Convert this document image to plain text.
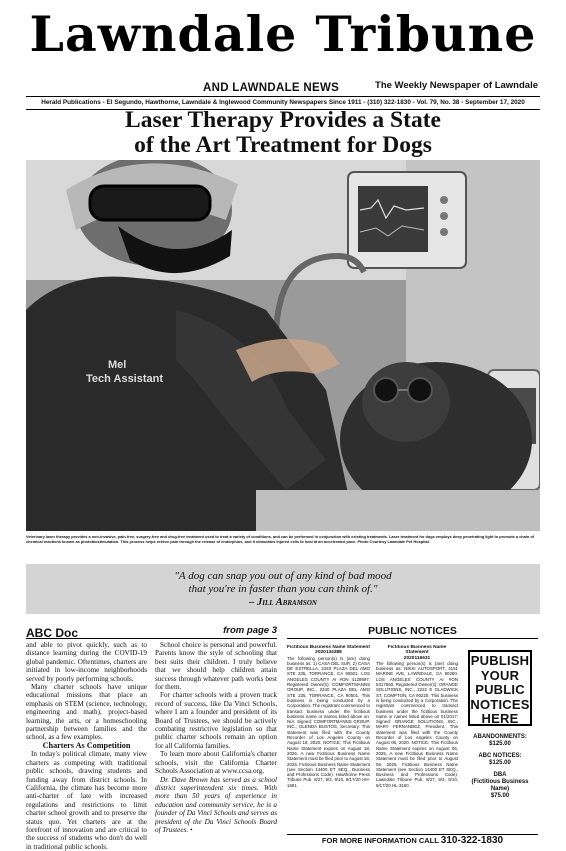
Lawndale Tribune
AND LAWNDALE NEWS	The Weekly Newspaper of Lawndale
Herald Publications - El Segundo, Hawthorne, Lawndale & Inglewood Community Newspapers Since 1911 - (310) 322-1830 - Vol. 79, No. 38 - September 17, 2020
Laser Therapy Provides a State
of the Art Treatment for Dogs
Mel
Tech Assistant
Veterinary laser therapy provides a non-invasive, pain-free, surgery-free and drug-free treatment used to treat a variety of conditions, and can be performed in conjunction with existing treatments. Laser treatment for dogs employs deep penetrating light to promote a chain of chemical reactions known as photobiostimulation. This process helps relieve pain through the release of endorphins, and it stimulates injured cells to heal at an accelerated pace. Photo Courtesy Lawndale Pet Hospital.
"A dog can snap you out of any kind of bad mood
that you're in faster than you can think of."
– Jill Abramson
ABC Doc	from page 3	PUBLIC NOTICES

and able to pivot quickly, such as to distance learning during the COVID-19 global pandemic. Oftentimes, charters are initiated in low-income neighborhoods served by poorly performing schools.

Many charter schools have unique educational missions that place an emphasis on STEM (science, technology, engineering and math), project-based learning, the arts, or a homeschooling partnership between families and the school, as a few examples.

Charters As Competition

In today's political climate, many view charters as competing with traditional public schools, drawing students and funding away from district schools. In California, the climate has become more anti-charter of late with increased regulations and restrictions to limit charter school growth and to preserve the status quo. Yet charters are at the forefront of innovation and are critical to the success of students who don't do well in traditional public schools.

School choice is personal and powerful. Parents know the style of schooling that best suits their children. I truly believe that we should help children attain success through whatever path works best for them.

For charter schools with a proven track record of success, like Da Vinci Schools, where I am a founder and president of its Board of Trustees, we should be actively combating restrictive legislation so that public charter schools remain an option for all California families.

To learn more about California's charter schools, visit the California Charter Schools Association at www.ccsa.org.

Dr. Dave Brown has served as a school district superintendent six times. With more than 50 years of experience in education and community service, he is a founder of Da Vinci Schools and serves as president of the Da Vinci Schools Board of Trustees. •

Fictitious Business Name Statement
2020134388
The following person(s) is (are) doing business as: 1) CASA DEL SUR, 2) CASA DE ESTRELLA, 2340 PLAZA DEL AMO STE 235, TORRANCE, CA 90501. LOS ANGELES COUNTY AI #ON 4128697. Registered Owner(s): COMFORTMANNS GROUP, INC., 2340 PLAZA DEL AMO STE 235, TORRANCE, CA 90501. This business is being conducted by a Corporation. The registrant commenced to transact business under the fictitious business name or names listed above on: N/A. Signed: COMFORTMANNS GROUP, INC., GLENDA BUSTOS, Secretary. This statement was filed with the County Recorder of Los Angeles County on August 18, 2020. NOTICE: This Fictitious Name Statement expires on August 18, 2025. A new Fictitious Business Name Statement must be filed prior to August 18, 2025. Fictitious Business Name Statement (see Section 14400 ET SEQ., Business and Professions Code). Hawthorne Press Tribune Pub. 8/27, 9/3, 9/10, 9/17/20 HH-1681
Fictitious Business Name Statement
2020116631
The following person(s) is (are) doing business as: NIKKI AUTOSPORT, 4151 MARINE AVE, LAWNDALE, CA 90260. LOS ANGELES COUNTY AI #ON 5317660. Registered Owner(s): ORANGE SOLUTIONS, INC., 2222 E GLADWICK ST, COMPTON, CA 90220. This business is being conducted by a Corporation. The registrant commenced to transact business under the fictitious business name or names listed above on 01/2017. Signed: ORANGE SOLUTIONS, INC., MARY FERNANDEZ, President. This statement was filed with the County Recorder of Los Angeles County on August 06, 2020. NOTICE: This Fictitious Name Statement expires on August 06, 2025. A new Fictitious Business Name Statement must be filed prior to August 06, 2025. Fictitious Business Name Statement (see Section 14400 ET SEQ., Business and Professions Code). Lawndale Tribune Pub. 8/27, 9/3, 9/10, 9/17/20 HL-3160
PUBLISH
YOUR
PUBLIC
NOTICES
HERE
ABANDONMENTS:
$125.00
ABC NOTICES:
$125.00
DBA
(Fictitious Business Name)
$75.00
FOR MORE INFORMATION CALL 310-322-1830
